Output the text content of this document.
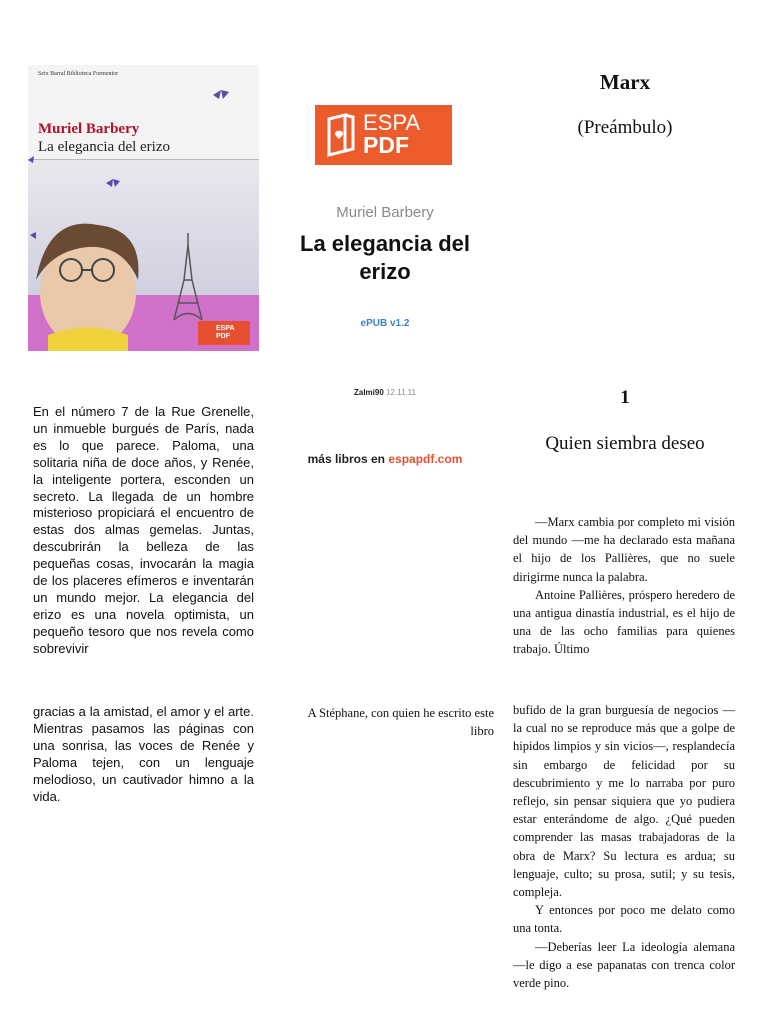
Seix Barral Biblioteca Formentor
Muriel Barbery
La elegancia del erizo
ESPA
PDF
ESPA
PDF
Muriel Barbery
La elegancia del erizo
ePUB v1.2
Zalmi90 12.11.11
más libros en espapdf.com
En el número 7 de la Rue Grenelle, un inmueble burgués de París, nada es lo que parece. Paloma, una solitaria niña de doce años, y Renée, la inteligente portera, esconden un secreto. La llegada de un hombre misterioso propiciará el encuentro de estas dos almas gemelas. Juntas, descubrirán la belleza de las pequeñas cosas, invocarán la magia de los placeres efímeros e inventarán un mundo mejor. La elegancia del erizo es una novela optimista, un pequeño tesoro que nos revela como sobrevivir
gracias a la amistad, el amor y el arte. Mientras pasamos las páginas con una sonrisa, las voces de Renée y Paloma tejen, con un lenguaje melodioso, un cautivador himno a la vida.
A Stéphane, con quien he escrito este libro
Marx
(Preámbulo)
1
Quien siembra deseo

—Marx cambia por completo mi visión del mundo —me ha declarado esta mañana el hijo de los Pallières, que no suele dirigirme nunca la palabra.

Antoine Pallières, próspero heredero de una antigua dinastía industrial, es el hijo de una de las ocho familias para quienes trabajo. Último

bufido de la gran burguesía de negocios —la cual no se reproduce más que a golpe de hipidos limpios y sin vicios—, resplandecía sin embargo de felicidad por su descubrimiento y me lo narraba por puro reflejo, sin pensar siquiera que yo pudiera estar enterándome de algo. ¿Qué pueden comprender las masas trabajadoras de la obra de Marx? Su lectura es ardua; su lenguaje, culto; su prosa, sutil; y su tesis, compleja.

Y entonces por poco me delato como una tonta.

—Deberías leer La ideología alemana —le digo a ese papanatas con trenca color verde pino.
